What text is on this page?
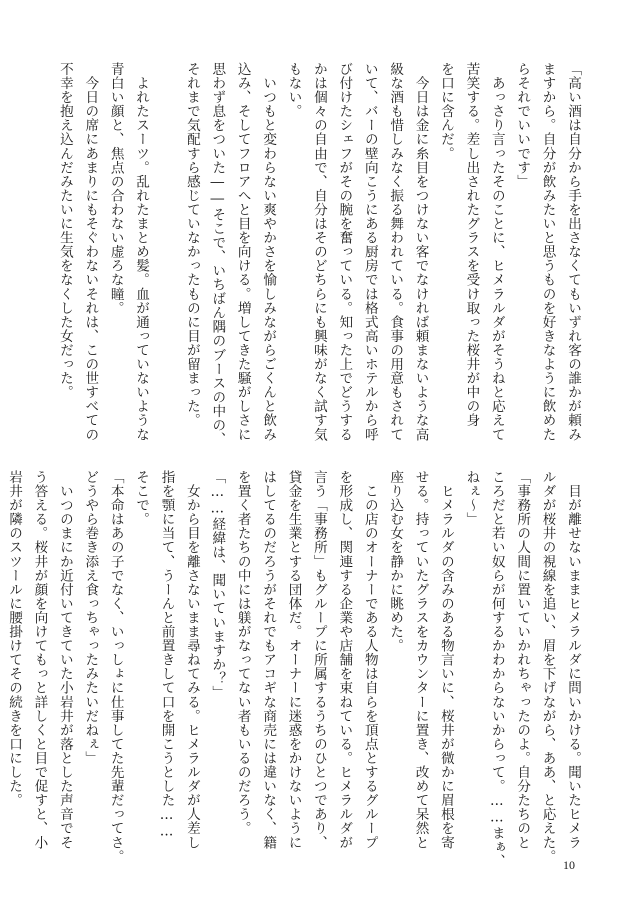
「高い酒は自分から手を出さなくてもいずれ客の誰かが頼み
ますから。自分が飲みたいと思うものを好きなように飲めた
らそれでいいです」
　あっさり言ったそのことに、ヒメラルダがそうねと応えて
苦笑する。差し出されたグラスを受け取った桜井が中の身
を口に含んだ。
　今日は金に糸目をつけない客でなければ頼まないような高
級な酒も惜しみなく振る舞われている。食事の用意もされて
いて、バーの壁向こうにある厨房では格式高いホテルから呼
び付けたシェフがその腕を奮っている。知った上でどうする
かは個々の自由で、自分はそのどちらにも興味がなく試す気
もない。
　いつもと変わらない爽やかさを愉しみながらごくんと飲み
込み、そしてフロアへと目を向ける。増してきた騒がしさに
思わず息をついた――そこで、いちばん隅のブースの中の、
それまで気配すら感じていなかったものに目が留まった。

　よれたスーツ。乱れたまとめ髪。血が通っていないような
青白い顔と、焦点の合わない虚ろな瞳。
　今日の席にあまりにもそぐわないそれは、この世すべての
不幸を抱え込んだみたいに生気をなくした女だった。

　目が離せないままヒメラルダに問いかける。聞いたヒメラ
ルダが桜井の視線を追い、眉を下げながら、ああ、と応えた。
「事務所の人間に置いていかれちゃったのよ。自分たちのと
ころだと若い奴らが何するかわからないからって。……まぁ、
ねぇ～」
　ヒメラルダの含みのある物言いに、桜井が微かに眉根を寄
せる。持っていたグラスをカウンターに置き、改めて呆然と
座り込む女を静かに眺めた。
　この店のオーナーである人物は自らを頂点とするグループ
を形成し、関連する企業や店舗を束ねている。ヒメラルダが
言う「事務所」もグループに所属するうちのひとつであり、
貸金を生業とする団体だ。オーナーに迷惑をかけないように
はしてるのだろうがそれでもアコギな商売には違いなく、籍
を置く者たちの中には躾がなってない者もいるのだろう。
「……経緯は、聞いていますか？」
　女から目を離さないまま尋ねてみる。ヒメラルダが人差し
指を顎に当て、うーんと前置きして口を開こうとした……
そこで。
「本命はあの子でなく、いっしょに仕事してた先輩だってさ。
どうやら巻き添え食っちゃったみたいだねぇ」
　いつのまにか近付いてきていた小岩井が落とした声音でそ
う答える。桜井が顔を向けてもっと詳しくと目で促すと、小
岩井が隣のスツールに腰掛けてその続きを口にした。
10
